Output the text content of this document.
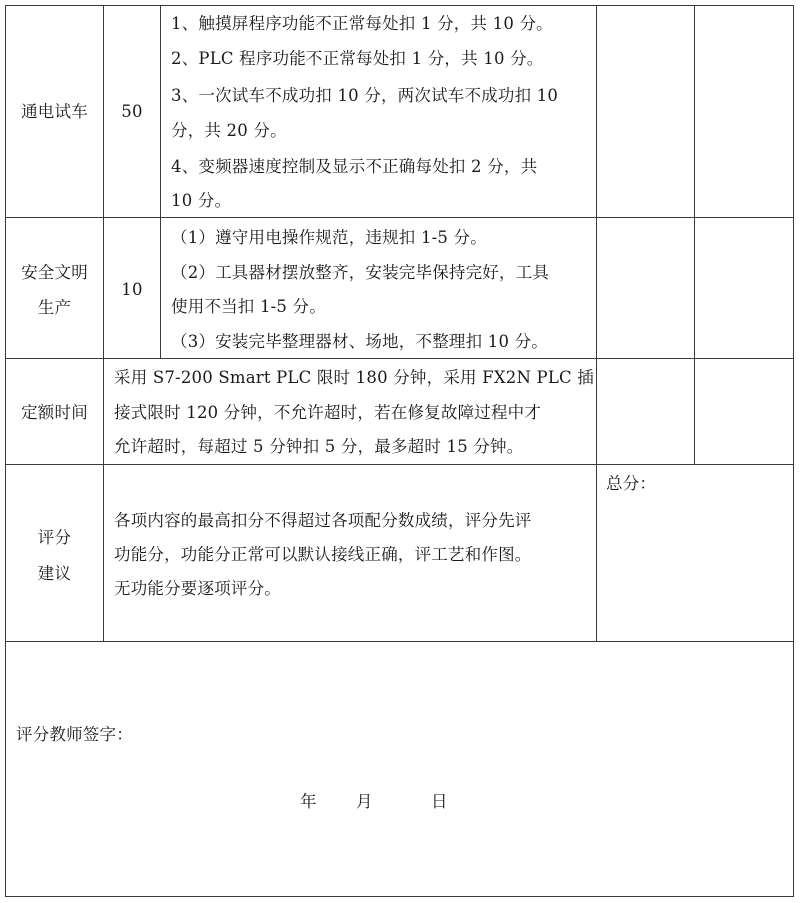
通电试车	50
1、触摸屏程序功能不正常每处扣 1 分，共 10 分。
2、PLC 程序功能不正常每处扣 1 分，共 10 分。
3、一次试车不成功扣 10 分，两次试车不成功扣 10
分，共 20 分。
4、变频器速度控制及显示不正确每处扣 2 分，共
10 分。
安全文明
生产
10
（1）遵守用电操作规范，违规扣 1-5 分。
（2）工具器材摆放整齐，安装完毕保持完好，工具
使用不当扣 1-5 分。
（3）安装完毕整理器材、场地，不整理扣 10 分。
定额时间
采用 S7-200 Smart PLC 限时 180 分钟，采用 FX2N PLC 插
接式限时 120 分钟，不允许超时，若在修复故障过程中才
允许超时，每超过 5 分钟扣 5 分，最多超时 15 分钟。
评分
建议
各项内容的最高扣分不得超过各项配分数成绩，评分先评
功能分，功能分正常可以默认接线正确，评工艺和作图。
无功能分要逐项评分。
总分：
评分教师签字：
年 月	日
